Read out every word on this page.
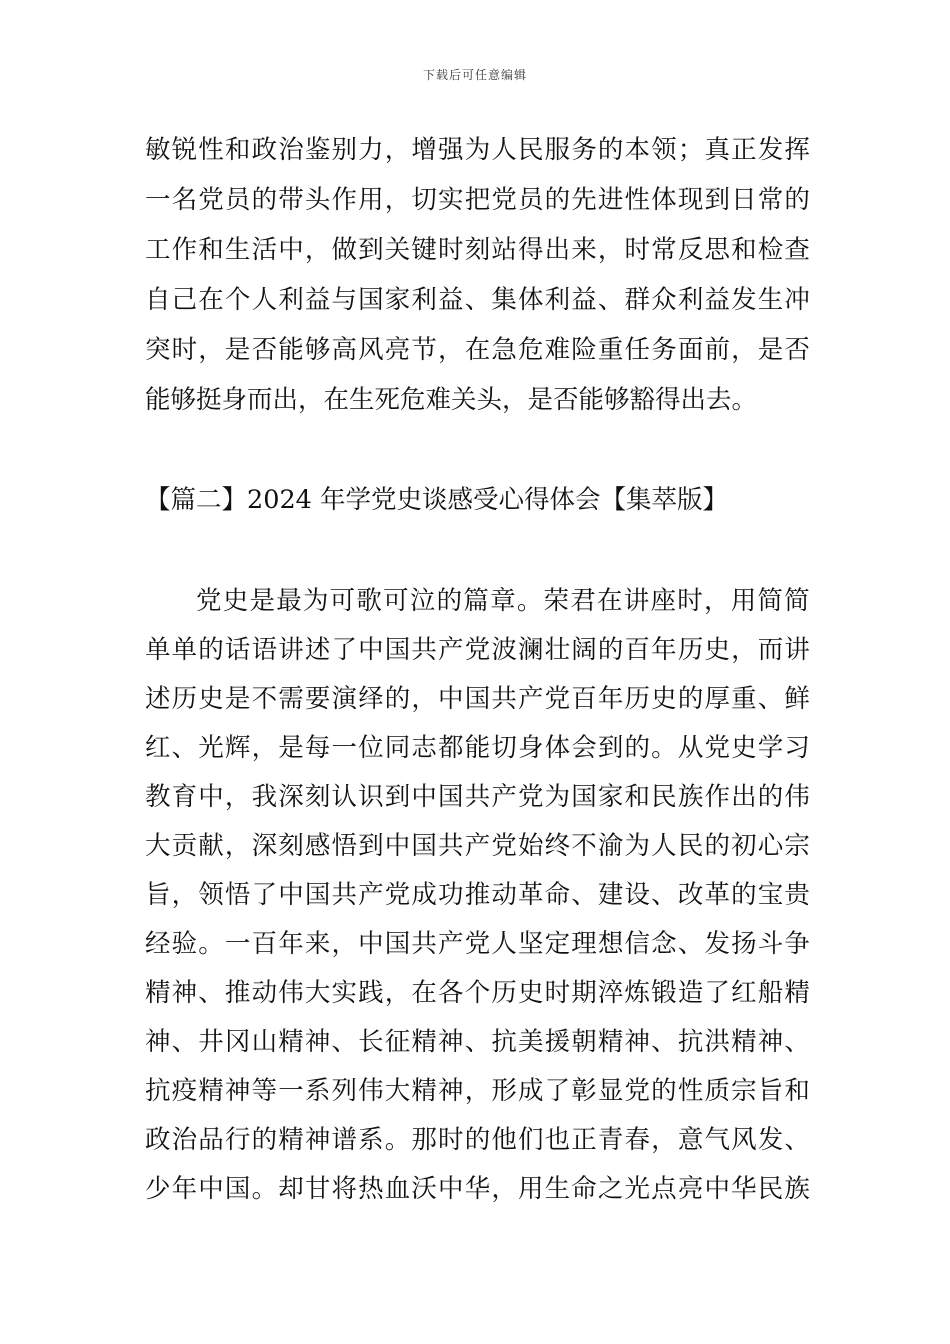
下载后可任意编辑
敏 锐 性 和 政 治 鉴 别 力 ， 增 强 为 人 民 服 务 的 本 领 ； 真 正 发 挥
一 名 党 员 的 带 头 作 用 ， 切 实 把 党 员 的 先 进 性 体 现 到 日 常 的
工 作 和 生 活 中 ， 做 到 关 键 时 刻 站 得 出 来 ， 时 常 反 思 和 检 查
自 己 在 个 人 利 益 与 国 家 利 益 、 集 体 利 益 、 群 众 利 益 发 生 冲
突 时 ， 是 否 能 够 高 风 亮 节 ， 在 急 危 难 险 重 任 务 面 前 ， 是 否
能够挺身而出，在生死危难关头，是否能够豁得出去。
【篇二】2024 年学党史谈感受心得体会【集萃版】
党 史 是 最 为 可 歌 可 泣 的 篇 章 。 荣 君 在 讲 座 时 ， 用 简 简
单 单 的 话 语 讲 述 了 中 国 共 产 党 波 澜 壮 阔 的 百 年 历 史 ， 而 讲
述 历 史 是 不 需 要 演 绎 的 ， 中 国 共 产 党 百 年 历 史 的 厚 重 、 鲜
红 、 光 辉 ， 是 每 一 位 同 志 都 能 切 身 体 会 到 的 。 从 党 史 学 习
教 育 中 ， 我 深 刻 认 识 到 中 国 共 产 党 为 国 家 和 民 族 作 出 的 伟
大 贡 献 ， 深 刻 感 悟 到 中 国 共 产 党 始 终 不 渝 为 人 民 的 初 心 宗
旨 ， 领 悟 了 中 国 共 产 党 成 功 推 动 革 命 、 建 设 、 改 革 的 宝 贵
经 验 。 一 百 年 来 ， 中 国 共 产 党 人 坚 定 理 想 信 念 、 发 扬 斗 争
精 神 、 推 动 伟 大 实 践 ， 在 各 个 历 史 时 期 淬 炼 锻 造 了 红 船 精
神 、 井 冈 山 精 神 、 长 征 精 神 、 抗 美 援 朝 精 神 、 抗 洪 精 神 、
抗 疫 精 神 等 一 系 列 伟 大 精 神 ， 形 成 了 彰 显 党 的 性 质 宗 旨 和
政 治 品 行 的 精 神 谱 系 。 那 时 的 他 们 也 正 青 春 ， 意 气 风 发 、
少 年 中 国 。 却 甘 将 热 血 沃 中 华 ， 用 生 命 之 光 点 亮 中 华 民 族
